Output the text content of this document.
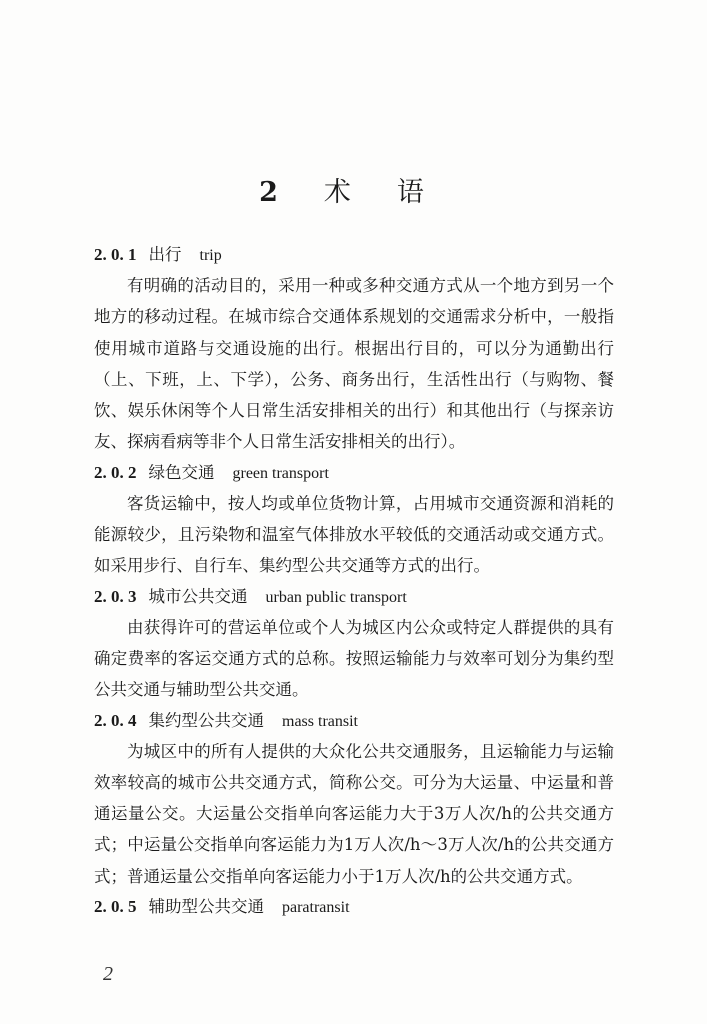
2 术 语
2. 0. 1 出行 trip

有明确的活动目的，采用一种或多种交通方式从一个地方到另一个地方的移动过程。在城市综合交通体系规划的交通需求分析中，一般指使用城市道路与交通设施的出行。根据出行目的，可以分为通勤出行（上、下班，上、下学），公务、商务出行，生活性出行（与购物、餐饮、娱乐休闲等个人日常生活安排相关的出行）和其他出行（与探亲访友、探病看病等非个人日常生活安排相关的出行）。

2. 0. 2 绿色交通 green transport

客货运输中，按人均或单位货物计算，占用城市交通资源和消耗的能源较少，且污染物和温室气体排放水平较低的交通活动或交通方式。如采用步行、自行车、集约型公共交通等方式的出行。

2. 0. 3 城市公共交通 urban public transport

由获得许可的营运单位或个人为城区内公众或特定人群提供的具有确定费率的客运交通方式的总称。按照运输能力与效率可划分为集约型公共交通与辅助型公共交通。

2. 0. 4 集约型公共交通 mass transit

为城区中的所有人提供的大众化公共交通服务，且运输能力与运输效率较高的城市公共交通方式，简称公交。可分为大运量、中运量和普通运量公交。大运量公交指单向客运能力大于3万人次/h的公共交通方式；中运量公交指单向客运能力为1万人次/h～3万人次/h的公共交通方式；普通运量公交指单向客运能力小于1万人次/h的公共交通方式。

2. 0. 5 辅助型公共交通 paratransit
2
